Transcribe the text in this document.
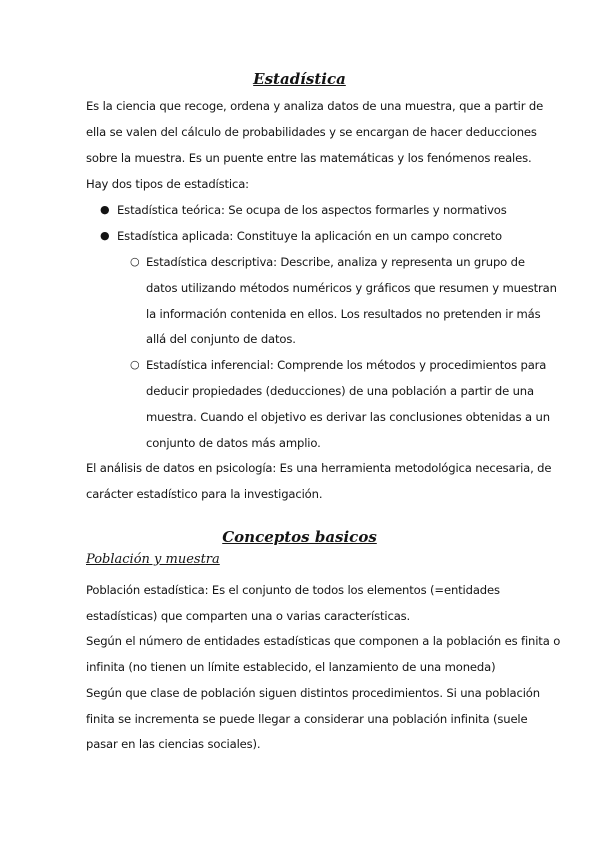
Estadística
Es la ciencia que recoge, ordena y analiza datos de una muestra, que a partir de
ella se valen del cálculo de probabilidades y se encargan de hacer deducciones
sobre la muestra. Es un puente entre las matemáticas y los fenómenos reales.
Hay dos tipos de estadística:
● Estadística teórica: Se ocupa de los aspectos formarles y normativos
● Estadística aplicada: Constituye la aplicación en un campo concreto
○ Estadística descriptiva: Describe, analiza y representa un grupo de
datos utilizando métodos numéricos y gráficos que resumen y muestran
la información contenida en ellos. Los resultados no pretenden ir más
allá del conjunto de datos.
○ Estadística inferencial: Comprende los métodos y procedimientos para
deducir propiedades (deducciones) de una población a partir de una
muestra. Cuando el objetivo es derivar las conclusiones obtenidas a un
conjunto de datos más amplio.
El análisis de datos en psicología: Es una herramienta metodológica necesaria, de
carácter estadístico para la investigación.
Conceptos basicos
Población y muestra
Población estadística: Es el conjunto de todos los elementos (=entidades
estadísticas) que comparten una o varias características.
Según el número de entidades estadísticas que componen a la población es finita o
infinita (no tienen un límite establecido, el lanzamiento de una moneda)
Según que clase de población siguen distintos procedimientos. Si una población
finita se incrementa se puede llegar a considerar una población infinita (suele
pasar en las ciencias sociales).
